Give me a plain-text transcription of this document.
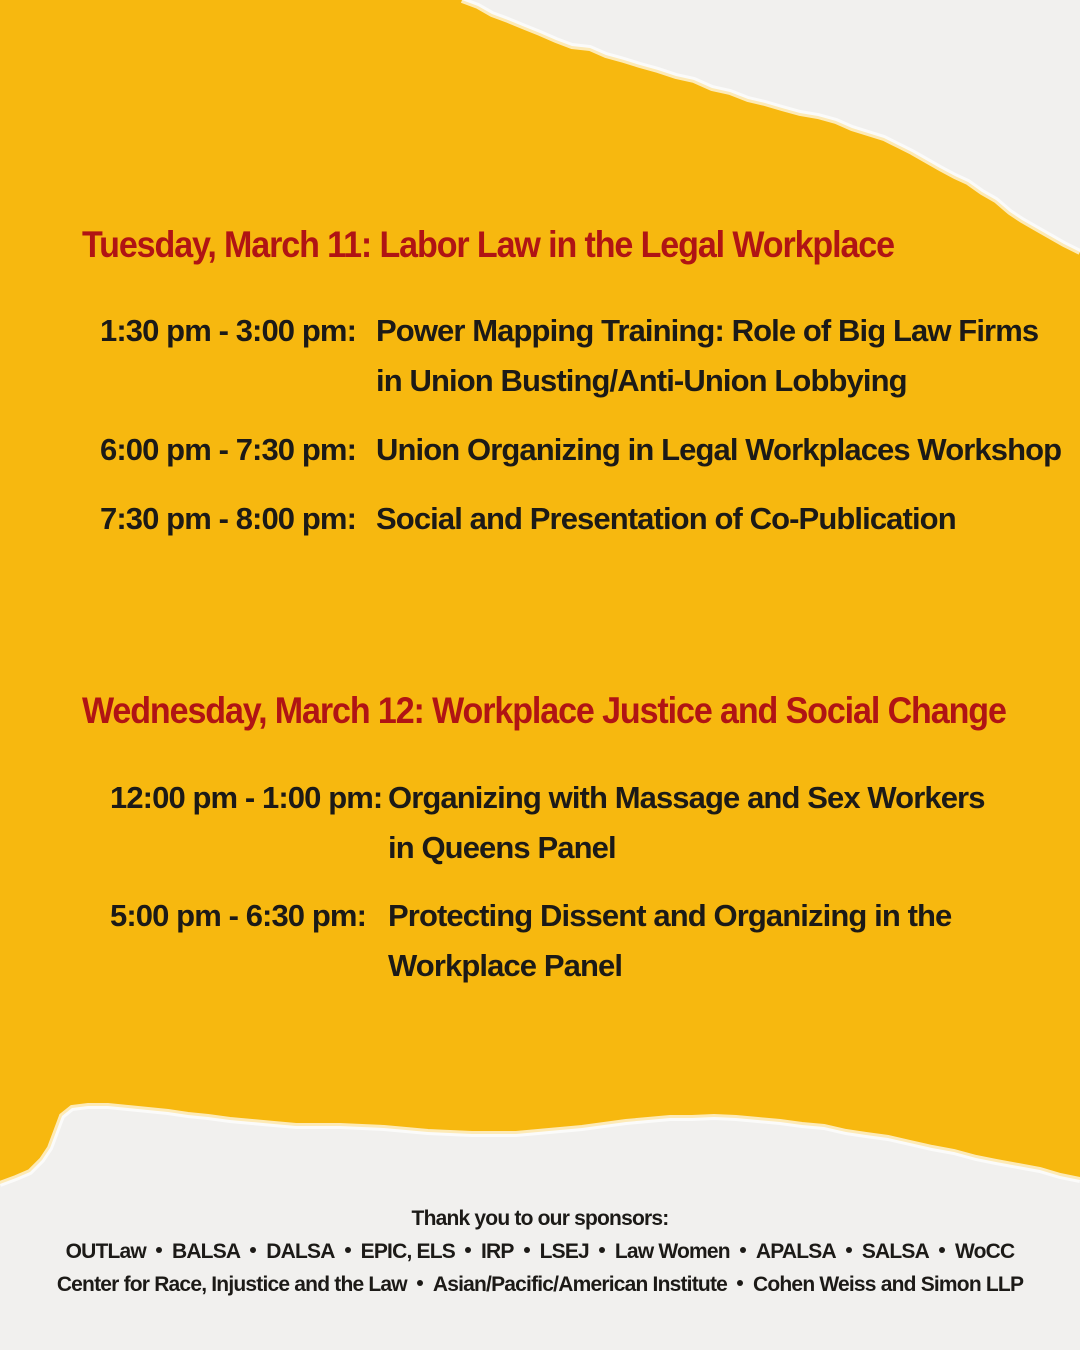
Tuesday, March 11: Labor Law in the Legal Workplace
1:30 pm - 3:00 pm: Power Mapping Training: Role of Big Law Firms
in Union Busting/Anti-Union Lobbying
6:00 pm - 7:30 pm: Union Organizing in Legal Workplaces Workshop
7:30 pm - 8:00 pm: Social and Presentation of Co-Publication
Wednesday, March 12: Workplace Justice and Social Change
12:00 pm - 1:00 pm: Organizing with Massage and Sex Workers
in Queens Panel
5:00 pm - 6:30 pm: Protecting Dissent and Organizing in the
Workplace Panel
Thank you to our sponsors:
OUTLaw BALSA DALSA EPIC, ELS IRP LSEJ Law Women APALSA SALSA WoCC
Center for Race, Injustice and the Law Asian/Pacific/American Institute Cohen Weiss and Simon LLP
